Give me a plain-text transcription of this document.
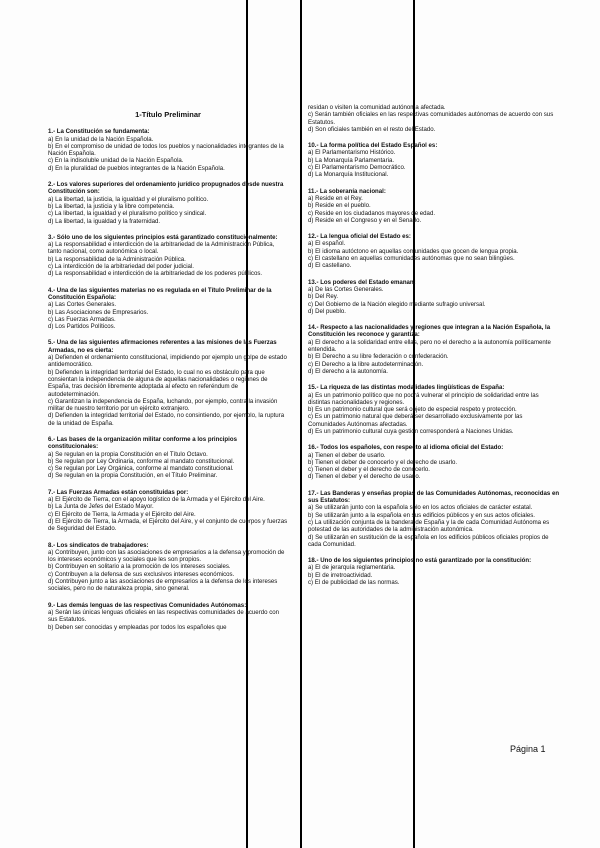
1-Título Preliminar
1.- La Constitución se fundamenta:
a) En la unidad de la Nación Española.
b) En el compromiso de unidad de todos los pueblos y nacionalidades integrantes de la Nación Española.
c) En la indisoluble unidad de la Nación Española.
d) En la pluralidad de pueblos integrantes de la Nación Española.
2.- Los valores superiores del ordenamiento jurídico propugnados desde nuestra Constitución son:
a) La libertad, la justicia, la igualdad y el pluralismo político.
b) La libertad, la justicia y la libre competencia.
c) La libertad, la igualdad y el pluralismo político y sindical.
d) La libertad, la igualdad y la fraternidad.
3.- Sólo uno de los siguientes principios está garantizado constitucionalmente:
a) La responsabilidad e interdicción de la arbitrariedad de la Administración Pública, tanto nacional, como autonómica o local.
b) La responsabilidad de la Administración Pública.
c) La interdicción de la arbitrariedad del poder judicial.
d) La responsabilidad e interdicción de la arbitrariedad de los poderes públicos.
4.- Una de las siguientes materias no es regulada en el Título Preliminar de la Constitución Española:
a) Las Cortes Generales.
b) Las Asociaciones de Empresarios.
c) Las Fuerzas Armadas.
d) Los Partidos Políticos.
5.- Una de las siguientes afirmaciones referentes a las misiones de las Fuerzas Armadas, no es cierta:
a) Defienden el ordenamiento constitucional, impidiendo por ejemplo un golpe de estado antidemocrático.
b) Defienden la integridad territorial del Estado, lo cual no es obstáculo para que consientan la independencia de alguna de aquellas nacionalidades o regiones de España, tras decisión libremente adoptada al efecto en referéndum de autodeterminación.
c) Garantizan la independencia de España, luchando, por ejemplo, contra la invasión militar de nuestro territorio por un ejército extranjero.
d) Defienden la integridad territorial del Estado, no consintiendo, por ejemplo, la ruptura de la unidad de España.
6.- Las bases de la organización militar conforme a los principios constitucionales:
a) Se regulan en la propia Constitución en el Título Octavo.
b) Se regulan por Ley Ordinaria, conforme al mandato constitucional.
c) Se regulan por Ley Orgánica, conforme al mandato constitucional.
d) Se regulan en la propia Constitución, en el Título Preliminar.
7.- Las Fuerzas Armadas están constituidas por:
a) El Ejército de Tierra, con el apoyo logístico de la Armada y el Ejército del Aire.
b) La Junta de Jefes del Estado Mayor.
c) El Ejército de Tierra, la Armada y el Ejército del Aire.
d) El Ejército de Tierra, la Armada, el Ejército del Aire, y el conjunto de cuerpos y fuerzas de Seguridad del Estado.
8.- Los sindicatos de trabajadores:
a) Contribuyen, junto con las asociaciones de empresarios a la defensa y promoción de los intereses económicos y sociales que les son propios.
b) Contribuyen en solitario a la promoción de los intereses sociales.
c) Contribuyen a la defensa de sus exclusivos intereses económicos.
d) Contribuyen junto a las asociaciones de empresarios a la defensa de los intereses sociales, pero no de naturaleza propia, sino general.
9.- Las demás lenguas de las respectivas Comunidades Autónomas:
a) Serán las únicas lenguas oficiales en las respectivas comunidades de acuerdo con sus Estatutos.
b) Deben ser conocidas y empleadas por todos los españoles que
residan o visiten la comunidad autónoma afectada.
c) Serán también oficiales en las respectivas comunidades autónomas de acuerdo con sus Estatutos.
d) Son oficiales también en el resto del Estado.
10.- La forma política del Estado Español es:
a) El Parlamentarismo Histórico.
b) La Monarquía Parlamentaria.
c) El Parlamentarismo Democrático.
d) La Monarquía Institucional.
11.- La soberanía nacional:
a) Reside en el Rey.
b) Reside en el pueblo.
c) Reside en los ciudadanos mayores de edad.
d) Reside en el Congreso y en el Senado.
12.- La lengua oficial del Estado es:
a) El español.
b) El idioma autóctono en aquellas comunidades que gocen de lengua propia.
c) El castellano en aquellas comunidades autónomas que no sean bilingües.
d) El castellano.
13.- Los poderes del Estado emanan:
a) De las Cortes Generales.
b) Del Rey.
c) Del Gobierno de la Nación elegido mediante sufragio universal.
d) Del pueblo.
14.- Respecto a las nacionalidades y regiones que integran a la Nación Española, la Constitución les reconoce y garantiza:
a) El derecho a la solidaridad entre ellas, pero no el derecho a la autonomía políticamente entendida.
b) El Derecho a su libre federación o confederación.
c) El Derecho a la libre autodeterminación.
d) El derecho a la autonomía.
15.- La riqueza de las distintas modalidades lingüísticas de España:
a) Es un patrimonio político que no podrá vulnerar el principio de solidaridad entre las distintas nacionalidades y regiones.
b) Es un patrimonio cultural que será objeto de especial respeto y protección.
c) Es un patrimonio natural que deberá ser desarrollado exclusivamente por las Comunidades Autónomas afectadas.
d) Es un patrimonio cultural cuya gestión corresponderá a Naciones Unidas.
16.- Todos los españoles, con respecto al idioma oficial del Estado:
a) Tienen el deber de usarlo.
b) Tienen el deber de conocerlo y el derecho de usarlo.
c) Tienen el deber y el derecho de conocerlo.
d) Tienen el deber y el derecho de usarlo.
17.- Las Banderas y enseñas propias de las Comunidades Autónomas, reconocidas en sus Estatutos:
a) Se utilizarán junto con la española sólo en los actos oficiales de carácter estatal.
b) Se utilizarán junto a la española en sus edificios públicos y en sus actos oficiales.
c) La utilización conjunta de la bandera de España y la de cada Comunidad Autónoma es potestad de las autoridades de la administración autonómica.
d) Se utilizarán en sustitución de la española en los edificios públicos oficiales propios de cada Comunidad.
18.- Uno de los siguientes principios no está garantizado por la constitución:
a) El de jerarquía reglamentaria.
b) El de irretroactividad.
c) El de publicidad de las normas.
Página 1
